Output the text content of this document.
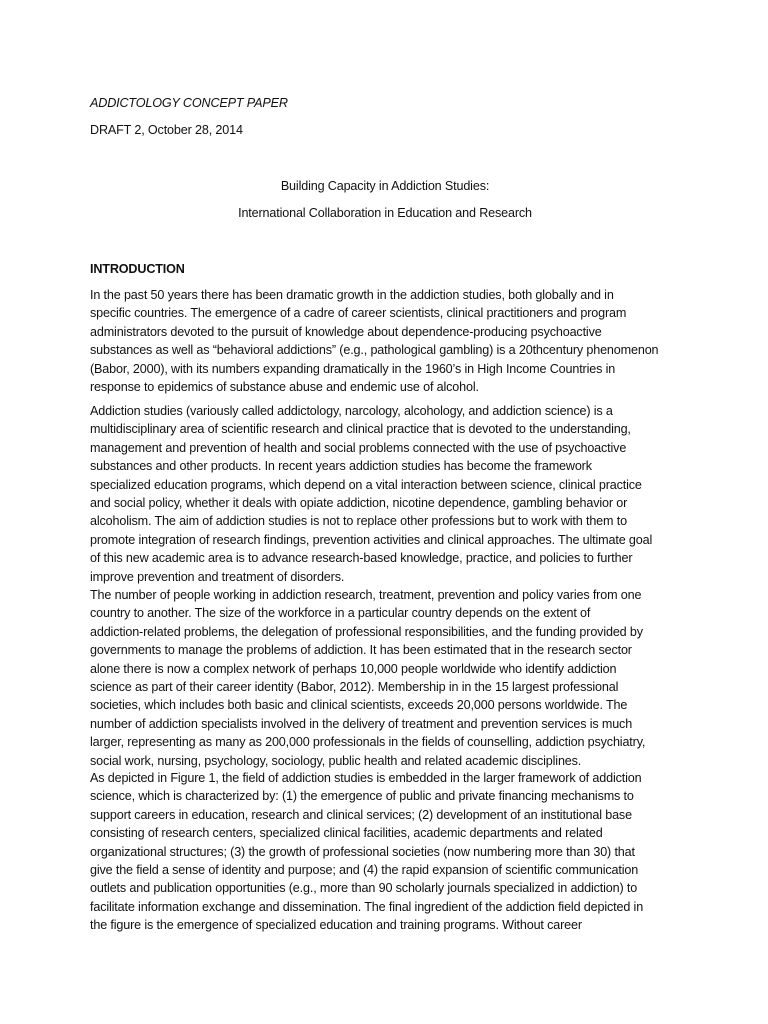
ADDICTOLOGY CONCEPT PAPER
DRAFT 2, October 28, 2014
Building Capacity in Addiction Studies:
International Collaboration in Education and Research
INTRODUCTION
In the past 50 years there has been dramatic growth in the addiction studies, both globally and in
specific countries. The emergence of a cadre of career scientists, clinical practitioners and program
administrators devoted to the pursuit of knowledge about dependence-producing psychoactive
substances as well as “behavioral addictions” (e.g., pathological gambling) is a 20thcentury phenomenon
(Babor, 2000), with its numbers expanding dramatically in the 1960’s in High Income Countries in
response to epidemics of substance abuse and endemic use of alcohol.
Addiction studies (variously called addictology, narcology, alcohology, and addiction science) is a
multidisciplinary area of scientific research and clinical practice that is devoted to the understanding,
management and prevention of health and social problems connected with the use of psychoactive
substances and other products. In recent years addiction studies has become the framework
specialized education programs, which depend on a vital interaction between science, clinical practice
and social policy, whether it deals with opiate addiction, nicotine dependence, gambling behavior or
alcoholism. The aim of addiction studies is not to replace other professions but to work with them to
promote integration of research findings, prevention activities and clinical approaches. The ultimate goal
of this new academic area is to advance research-based knowledge, practice, and policies to further
improve prevention and treatment of disorders.
The number of people working in addiction research, treatment, prevention and policy varies from one
country to another. The size of the workforce in a particular country depends on the extent of
addiction-related problems, the delegation of professional responsibilities, and the funding provided by
governments to manage the problems of addiction. It has been estimated that in the research sector
alone there is now a complex network of perhaps 10,000 people worldwide who identify addiction
science as part of their career identity (Babor, 2012). Membership in in the 15 largest professional
societies, which includes both basic and clinical scientists, exceeds 20,000 persons worldwide. The
number of addiction specialists involved in the delivery of treatment and prevention services is much
larger, representing as many as 200,000 professionals in the fields of counselling, addiction psychiatry,
social work, nursing, psychology, sociology, public health and related academic disciplines.
As depicted in Figure 1, the field of addiction studies is embedded in the larger framework of addiction
science, which is characterized by: (1) the emergence of public and private financing mechanisms to
support careers in education, research and clinical services; (2) development of an institutional base
consisting of research centers, specialized clinical facilities, academic departments and related
organizational structures; (3) the growth of professional societies (now numbering more than 30) that
give the field a sense of identity and purpose; and (4) the rapid expansion of scientific communication
outlets and publication opportunities (e.g., more than 90 scholarly journals specialized in addiction) to
facilitate information exchange and dissemination. The final ingredient of the addiction field depicted in
the figure is the emergence of specialized education and training programs. Without career
